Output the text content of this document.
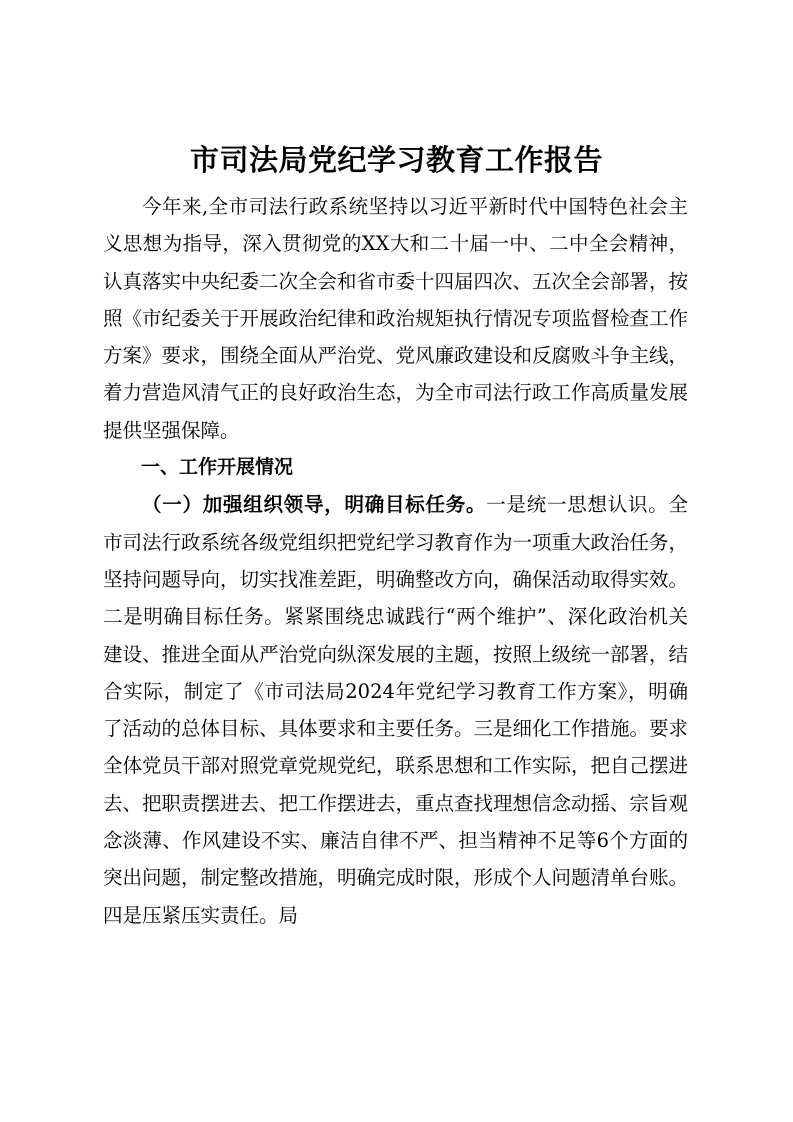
市司法局党纪学习教育工作报告

今年来,全市司法行政系统坚持以习近平新时代中国特色社会主义思想为指导，深入贯彻党的XX大和二十届一中、二中全会精神，认真落实中央纪委二次全会和省市委十四届四次、五次全会部署，按照《市纪委关于开展政治纪律和政治规矩执行情况专项监督检查工作方案》要求，围绕全面从严治党、党风廉政建设和反腐败斗争主线，着力营造风清气正的良好政治生态，为全市司法行政工作高质量发展提供坚强保障。

一、工作开展情况

（一）加强组织领导，明确目标任务。一是统一思想认识。全市司法行政系统各级党组织把党纪学习教育作为一项重大政治任务，坚持问题导向，切实找准差距，明确整改方向，确保活动取得实效。二是明确目标任务。紧紧围绕忠诚践行“两个维护”、深化政治机关建设、推进全面从严治党向纵深发展的主题，按照上级统一部署，结合实际，制定了《市司法局2024年党纪学习教育工作方案》，明确了活动的总体目标、具体要求和主要任务。三是细化工作措施。要求全体党员干部对照党章党规党纪，联系思想和工作实际，把自己摆进去、把职责摆进去、把工作摆进去，重点查找理想信念动摇、宗旨观念淡薄、作风建设不实、廉洁自律不严、担当精神不足等6个方面的突出问题，制定整改措施，明确完成时限，形成个人问题清单台账。四是压紧压实责任。局
